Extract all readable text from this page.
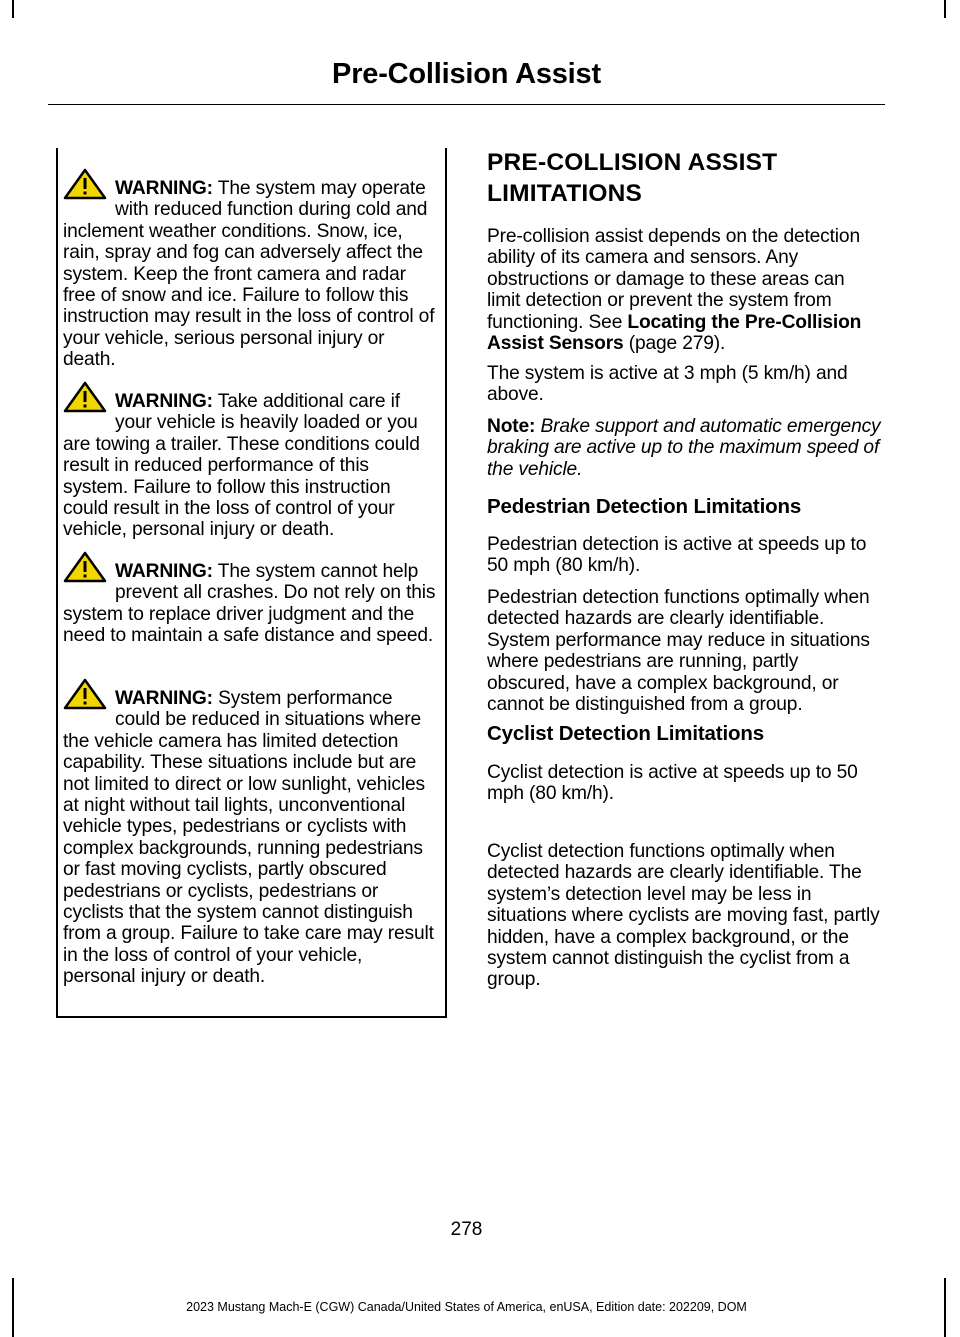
Pre-Collision Assist
WARNING: The system may operate with reduced function during cold and inclement weather conditions. Snow, ice, rain, spray and fog can adversely affect the system. Keep the front camera and radar free of snow and ice. Failure to follow this instruction may result in the loss of control of your vehicle, serious personal injury or death.
WARNING: Take additional care if your vehicle is heavily loaded or you are towing a trailer. These conditions could result in reduced performance of this system. Failure to follow this instruction could result in the loss of control of your vehicle, personal injury or death.
WARNING: The system cannot help prevent all crashes. Do not rely on this system to replace driver judgment and the need to maintain a safe distance and speed.
WARNING: System performance could be reduced in situations where the vehicle camera has limited detection capability. These situations include but are not limited to direct or low sunlight, vehicles at night without tail lights, unconventional vehicle types, pedestrians or cyclists with complex backgrounds, running pedestrians or fast moving cyclists, partly obscured pedestrians or cyclists, pedestrians or cyclists that the system cannot distinguish from a group. Failure to take care may result in the loss of control of your vehicle, personal injury or death.
PRE-COLLISION ASSIST
LIMITATIONS
Pre-collision assist depends on the detection ability of its camera and sensors. Any obstructions or damage to these areas can limit detection or prevent the system from functioning. See Locating the Pre-Collision Assist Sensors (page 279).
The system is active at 3 mph (5 km/h) and above.
Note: Brake support and automatic emergency braking are active up to the maximum speed of the vehicle.
Pedestrian Detection Limitations
Pedestrian detection is active at speeds up to 50 mph (80 km/h).
Pedestrian detection functions optimally when detected hazards are clearly identifiable. System performance may reduce in situations where pedestrians are running, partly obscured, have a complex background, or cannot be distinguished from a group.
Cyclist Detection Limitations
Cyclist detection is active at speeds up to 50 mph (80 km/h).
Cyclist detection functions optimally when detected hazards are clearly identifiable. The system’s detection level may be less in situations where cyclists are moving fast, partly hidden, have a complex background, or the system cannot distinguish the cyclist from a group.
278
2023 Mustang Mach-E (CGW) Canada/United States of America, enUSA, Edition date: 202209, DOM
